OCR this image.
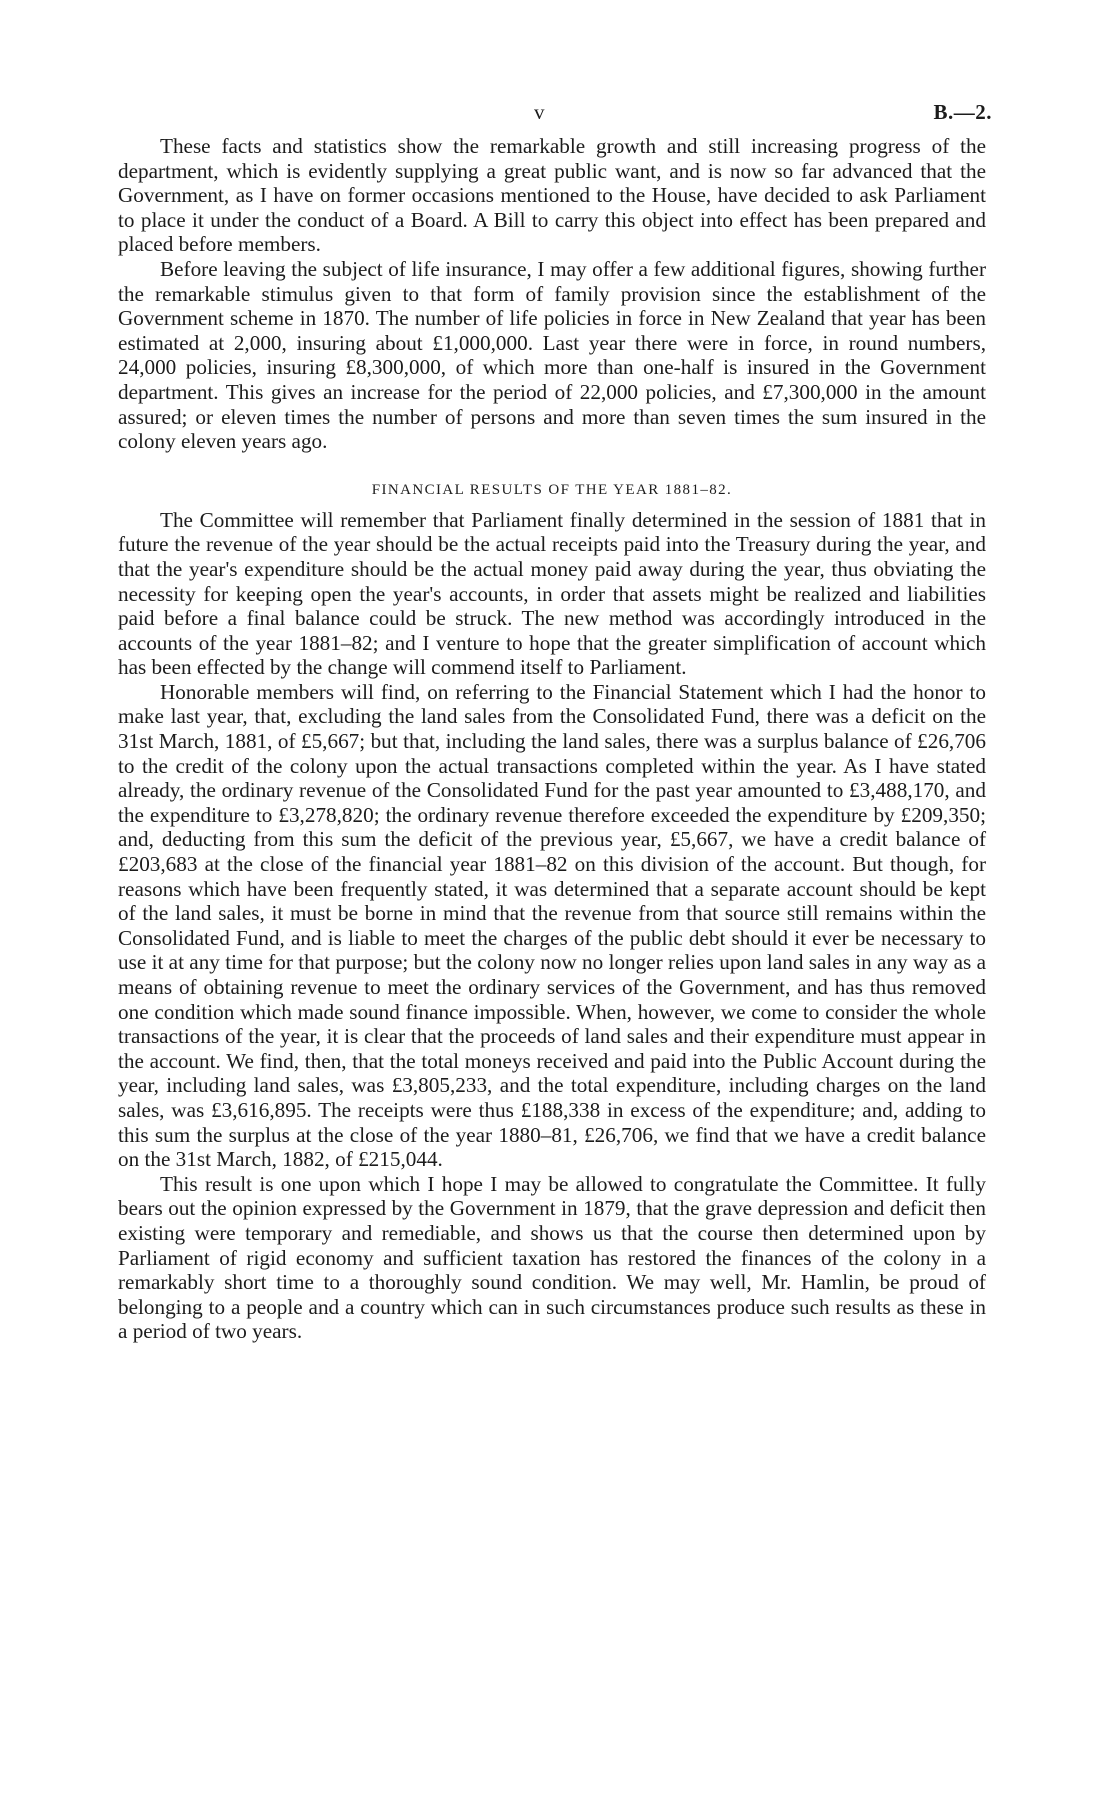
v	B.—2.

These facts and statistics show the remarkable growth and still increasing progress of the department, which is evidently supplying a great public want, and is now so far advanced that the Government, as I have on former occasions mentioned to the House, have decided to ask Parliament to place it under the conduct of a Board. A Bill to carry this object into effect has been prepared and placed before members.

Before leaving the subject of life insurance, I may offer a few additional figures, showing further the remarkable stimulus given to that form of family provision since the establishment of the Government scheme in 1870. The number of life policies in force in New Zealand that year has been estimated at 2,000, insuring about £1,000,000. Last year there were in force, in round numbers, 24,000 policies, insuring £8,300,000, of which more than one-half is insured in the Government department. This gives an increase for the period of 22,000 policies, and £7,300,000 in the amount assured; or eleven times the number of persons and more than seven times the sum insured in the colony eleven years ago.

FINANCIAL RESULTS OF THE YEAR 1881–82.

The Committee will remember that Parliament finally determined in the session of 1881 that in future the revenue of the year should be the actual receipts paid into the Treasury during the year, and that the year's expenditure should be the actual money paid away during the year, thus obviating the necessity for keeping open the year's accounts, in order that assets might be realized and liabilities paid before a final balance could be struck. The new method was accordingly introduced in the accounts of the year 1881–82; and I venture to hope that the greater simplification of account which has been effected by the change will commend itself to Parliament.

Honorable members will find, on referring to the Financial Statement which I had the honor to make last year, that, excluding the land sales from the Consolidated Fund, there was a deficit on the 31st March, 1881, of £5,667; but that, including the land sales, there was a surplus balance of £26,706 to the credit of the colony upon the actual transactions completed within the year. As I have stated already, the ordinary revenue of the Consolidated Fund for the past year amounted to £3,488,170, and the expenditure to £3,278,820; the ordinary revenue therefore exceeded the expenditure by £209,350; and, deducting from this sum the deficit of the previous year, £5,667, we have a credit balance of £203,683 at the close of the financial year 1881–82 on this division of the account. But though, for reasons which have been frequently stated, it was determined that a separate account should be kept of the land sales, it must be borne in mind that the revenue from that source still remains within the Consolidated Fund, and is liable to meet the charges of the public debt should it ever be necessary to use it at any time for that purpose; but the colony now no longer relies upon land sales in any way as a means of obtaining revenue to meet the ordinary services of the Government, and has thus removed one condition which made sound finance impossible. When, however, we come to consider the whole transactions of the year, it is clear that the proceeds of land sales and their expenditure must appear in the account. We find, then, that the total moneys received and paid into the Public Account during the year, including land sales, was £3,805,233, and the total expenditure, including charges on the land sales, was £3,616,895. The receipts were thus £188,338 in excess of the expenditure; and, adding to this sum the surplus at the close of the year 1880–81, £26,706, we find that we have a credit balance on the 31st March, 1882, of £215,044.

This result is one upon which I hope I may be allowed to congratulate the Committee. It fully bears out the opinion expressed by the Government in 1879, that the grave depression and deficit then existing were temporary and remediable, and shows us that the course then determined upon by Parliament of rigid economy and sufficient taxation has restored the finances of the colony in a remarkably short time to a thoroughly sound condition. We may well, Mr. Hamlin, be proud of belonging to a people and a country which can in such circumstances produce such results as these in a period of two years.
